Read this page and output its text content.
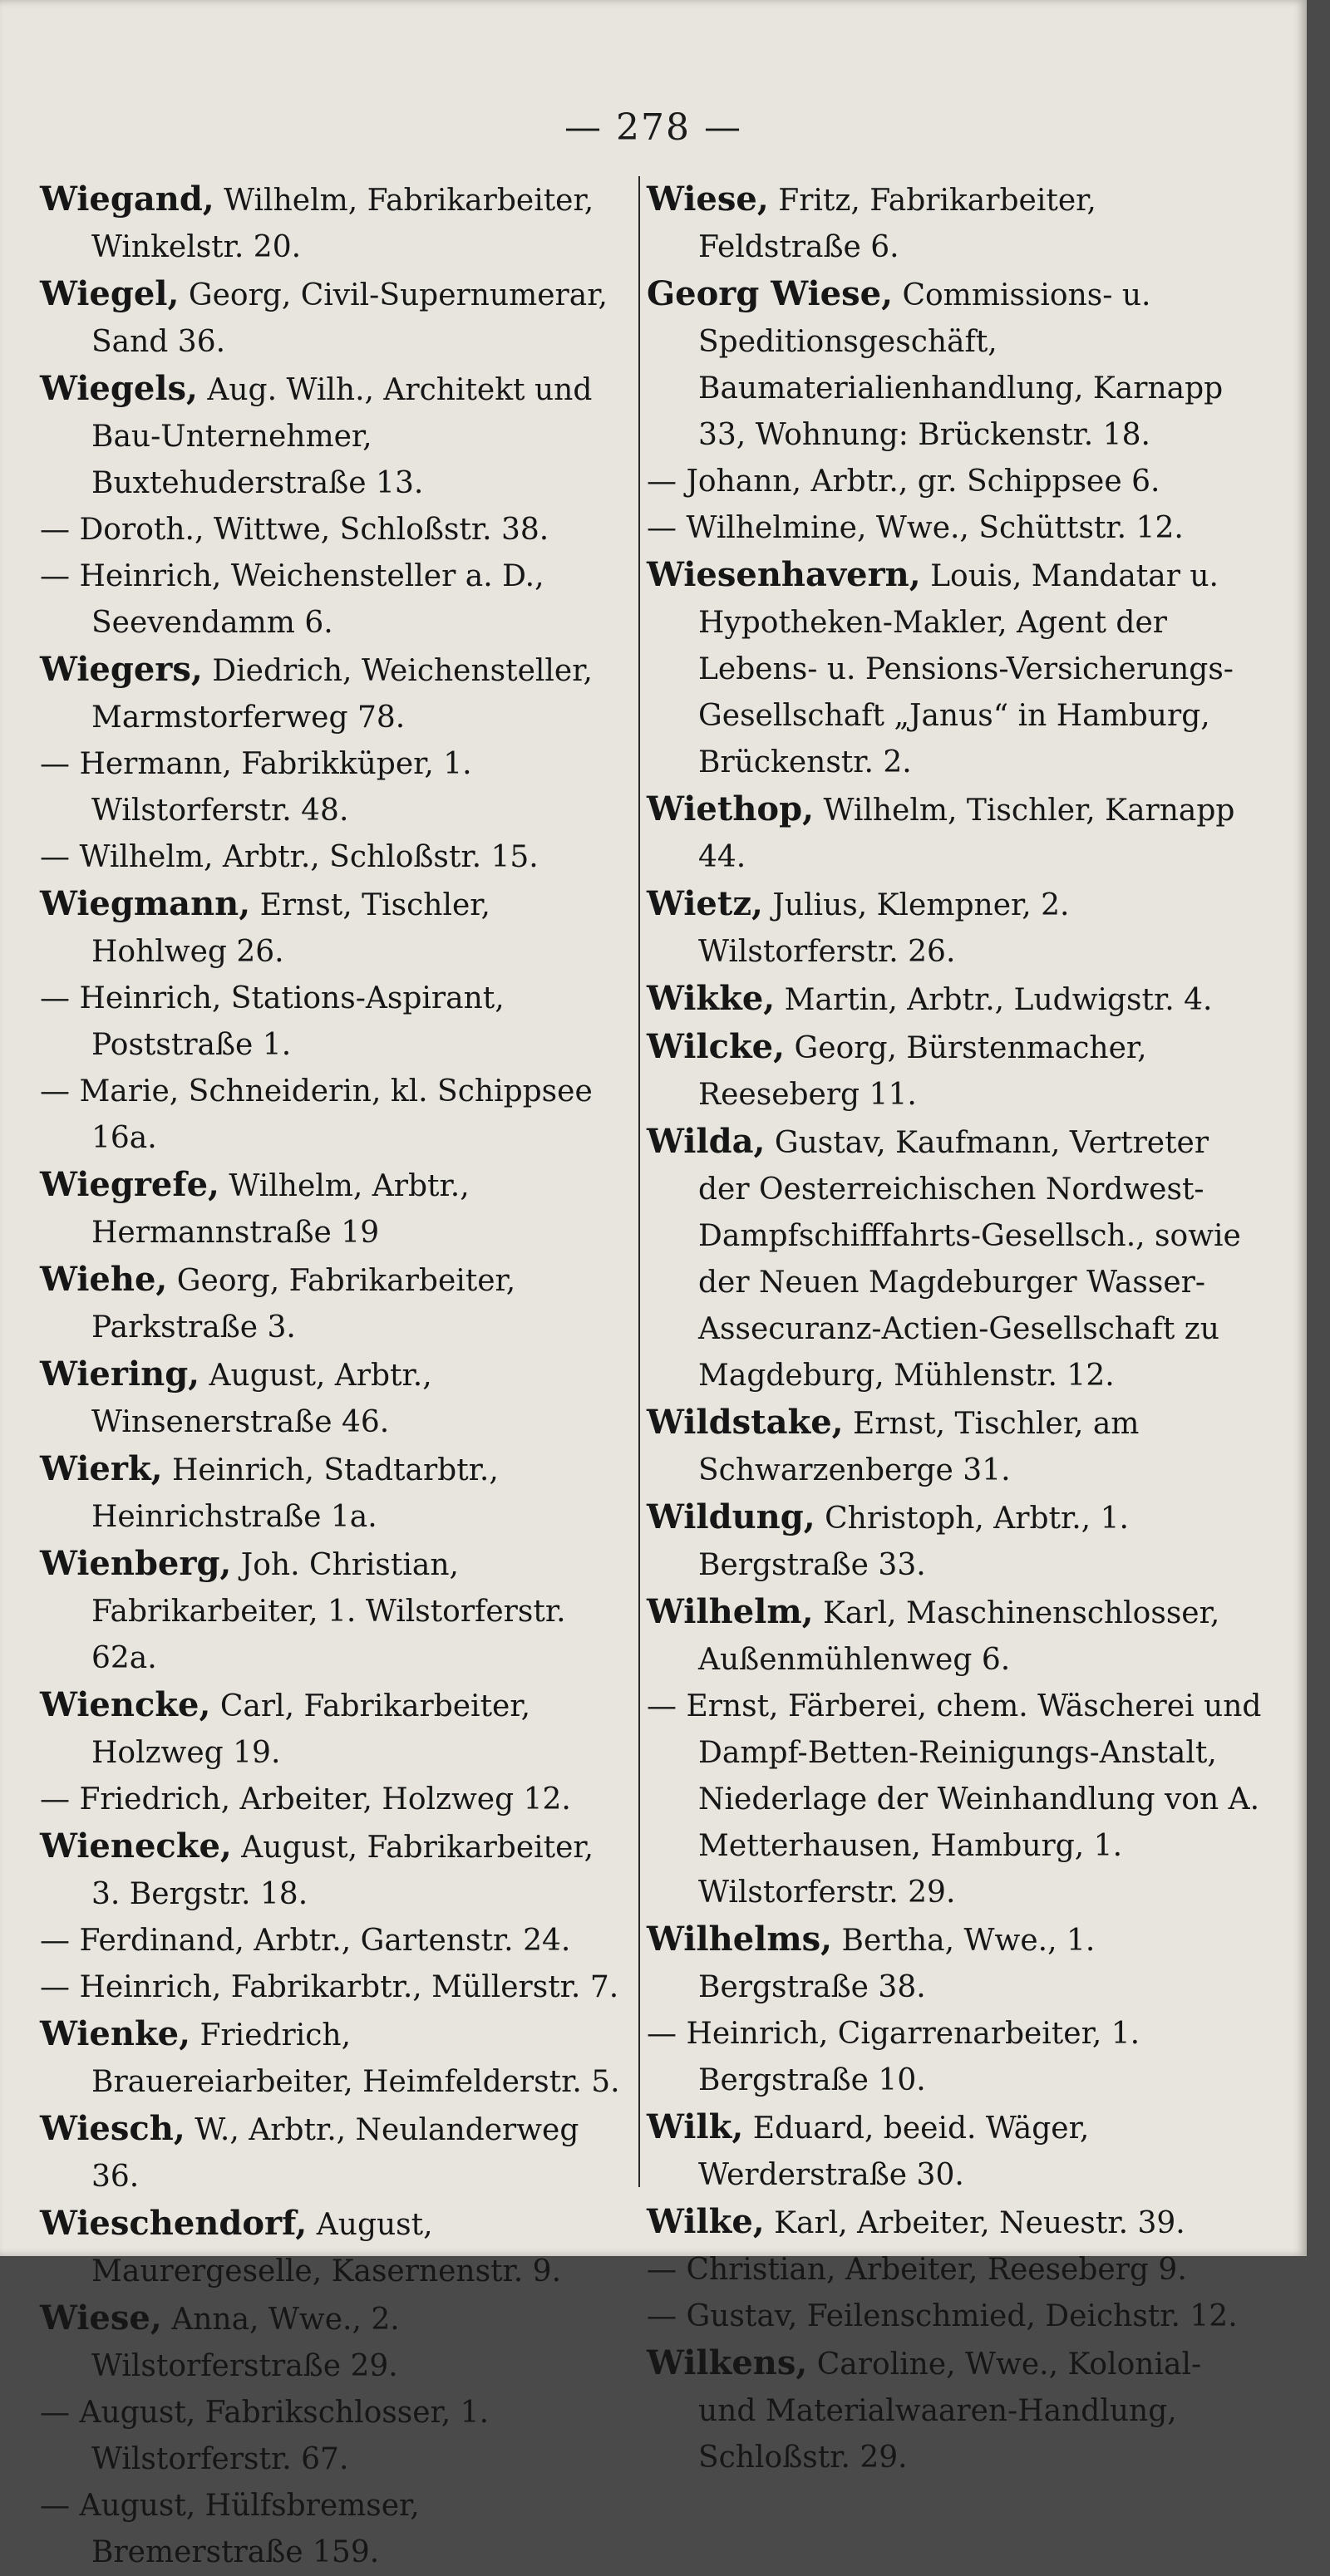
— 278 —

Wiegand, Wilhelm, Fabrikarbeiter, Winkelstr. 20.

Wiegel, Georg, Civil-Supernumerar, Sand 36.

Wiegels, Aug. Wilh., Architekt und Bau-Unternehmer, Buxtehuderstraße 13.

— Doroth., Wittwe, Schloßstr. 38.

— Heinrich, Weichensteller a. D., Seevendamm 6.

Wiegers, Diedrich, Weichensteller, Marmstorferweg 78.

— Hermann, Fabrikküper, 1. Wilstorferstr. 48.

— Wilhelm, Arbtr., Schloßstr. 15.

Wiegmann, Ernst, Tischler, Hohlweg 26.

— Heinrich, Stations-Aspirant, Poststraße 1.

— Marie, Schneiderin, kl. Schippsee 16a.

Wiegrefe, Wilhelm, Arbtr., Hermannstraße 19

Wiehe, Georg, Fabrikarbeiter, Parkstraße 3.

Wiering, August, Arbtr., Winsenerstraße 46.

Wierk, Heinrich, Stadtarbtr., Heinrichstraße 1a.

Wienberg, Joh. Christian, Fabrikarbeiter, 1. Wilstorferstr. 62a.

Wiencke, Carl, Fabrikarbeiter, Holzweg 19.

— Friedrich, Arbeiter, Holzweg 12.

Wienecke, August, Fabrikarbeiter, 3. Bergstr. 18.

— Ferdinand, Arbtr., Gartenstr. 24.

— Heinrich, Fabrikarbtr., Müllerstr. 7.

Wienke, Friedrich, Brauereiarbeiter, Heimfelderstr. 5.

Wiesch, W., Arbtr., Neulanderweg 36.

Wieschendorf, August, Maurergeselle, Kasernenstr. 9.

Wiese, Anna, Wwe., 2. Wilstorferstraße 29.

— August, Fabrikschlosser, 1. Wilstorferstr. 67.

— August, Hülfsbremser, Bremerstraße 159.

Wiese, Fritz, Fabrikarbeiter, Feldstraße 6.

Georg Wiese, Commissions- u. Speditionsgeschäft, Baumaterialienhandlung, Karnapp 33, Wohnung: Brückenstr. 18.

— Johann, Arbtr., gr. Schippsee 6.

— Wilhelmine, Wwe., Schüttstr. 12.

Wiesenhavern, Louis, Mandatar u. Hypotheken-Makler, Agent der Lebens- u. Pensions-Versicherungs-Gesellschaft „Janus“ in Hamburg, Brückenstr. 2.

Wiethop, Wilhelm, Tischler, Karnapp 44.

Wietz, Julius, Klempner, 2. Wilstorferstr. 26.

Wikke, Martin, Arbtr., Ludwigstr. 4.

Wilcke, Georg, Bürstenmacher, Reeseberg 11.

Wilda, Gustav, Kaufmann, Vertreter der Oesterreichischen Nordwest-Dampfschifffahrts-Gesellsch., sowie der Neuen Magdeburger Wasser-Assecuranz-Actien-Gesellschaft zu Magdeburg, Mühlenstr. 12.

Wildstake, Ernst, Tischler, am Schwarzenberge 31.

Wildung, Christoph, Arbtr., 1. Bergstraße 33.

Wilhelm, Karl, Maschinenschlosser, Außenmühlenweg 6.

— Ernst, Färberei, chem. Wäscherei und Dampf-Betten-Reinigungs-Anstalt, Niederlage der Weinhandlung von A. Metterhausen, Hamburg, 1. Wilstorferstr. 29.

Wilhelms, Bertha, Wwe., 1. Bergstraße 38.

— Heinrich, Cigarrenarbeiter, 1. Bergstraße 10.

Wilk, Eduard, beeid. Wäger, Werderstraße 30.

Wilke, Karl, Arbeiter, Neuestr. 39.

— Christian, Arbeiter, Reeseberg 9.

— Gustav, Feilenschmied, Deichstr. 12.

Wilkens, Caroline, Wwe., Kolonial- und Materialwaaren-Handlung, Schloßstr. 29.
